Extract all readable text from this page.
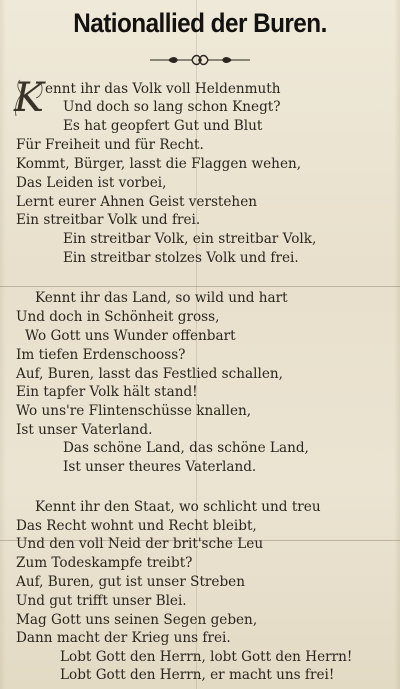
Nationallied der Buren.
K ennt ihr das Volk voll Heldenmuth
Und doch so lang schon Knegt?
Es hat geopfert Gut und Blut
Für Freiheit und für Recht.
Kommt, Bürger, lasst die Flaggen wehen,
Das Leiden ist vorbei,
Lernt eurer Ahnen Geist verstehen
Ein streitbar Volk und frei.
Ein streitbar Volk, ein streitbar Volk,
Ein streitbar stolzes Volk und frei.
Kennt ihr das Land, so wild und hart
Und doch in Schönheit gross,
Wo Gott uns Wunder offenbart
Im tiefen Erdenschooss?
Auf, Buren, lasst das Festlied schallen,
Ein tapfer Volk hält stand!
Wo uns're Flintenschüsse knallen,
Ist unser Vaterland.
Das schöne Land, das schöne Land,
Ist unser theures Vaterland.
Kennt ihr den Staat, wo schlicht und treu
Das Recht wohnt und Recht bleibt,
Und den voll Neid der brit'sche Leu
Zum Todeskampfe treibt?
Auf, Buren, gut ist unser Streben
Und gut trifft unser Blei.
Mag Gott uns seinen Segen geben,
Dann macht der Krieg uns frei.
Lobt Gott den Herrn, lobt Gott den Herrn!
Lobt Gott den Herrn, er macht uns frei!
